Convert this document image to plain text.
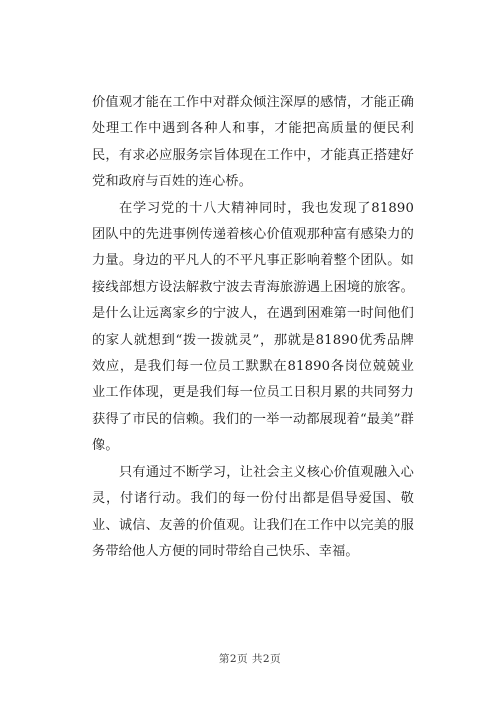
价值观才能在工作中对群众倾注深厚的感情，才能正确处理工作中遇到各种人和事，才能把高质量的便民利民，有求必应服务宗旨体现在工作中，才能真正搭建好党和政府与百姓的连心桥。

在学习党的十八大精神同时，我也发现了81890团队中的先进事例传递着核心价值观那种富有感染力的力量。身边的平凡人的不平凡事正影响着整个团队。如接线部想方设法解救宁波去青海旅游遇上困境的旅客。是什么让远离家乡的宁波人，在遇到困难第一时间他们的家人就想到“拨一拨就灵”，那就是81890优秀品牌效应，是我们每一位员工默默在81890各岗位兢兢业业工作体现，更是我们每一位员工日积月累的共同努力获得了市民的信赖。我们的一举一动都展现着“最美”群像。

只有通过不断学习，让社会主义核心价值观融入心灵，付诸行动。我们的每一份付出都是倡导爱国、敬业、诚信、友善的价值观。让我们在工作中以完美的服务带给他人方便的同时带给自己快乐、幸福。

第2页 共2页
